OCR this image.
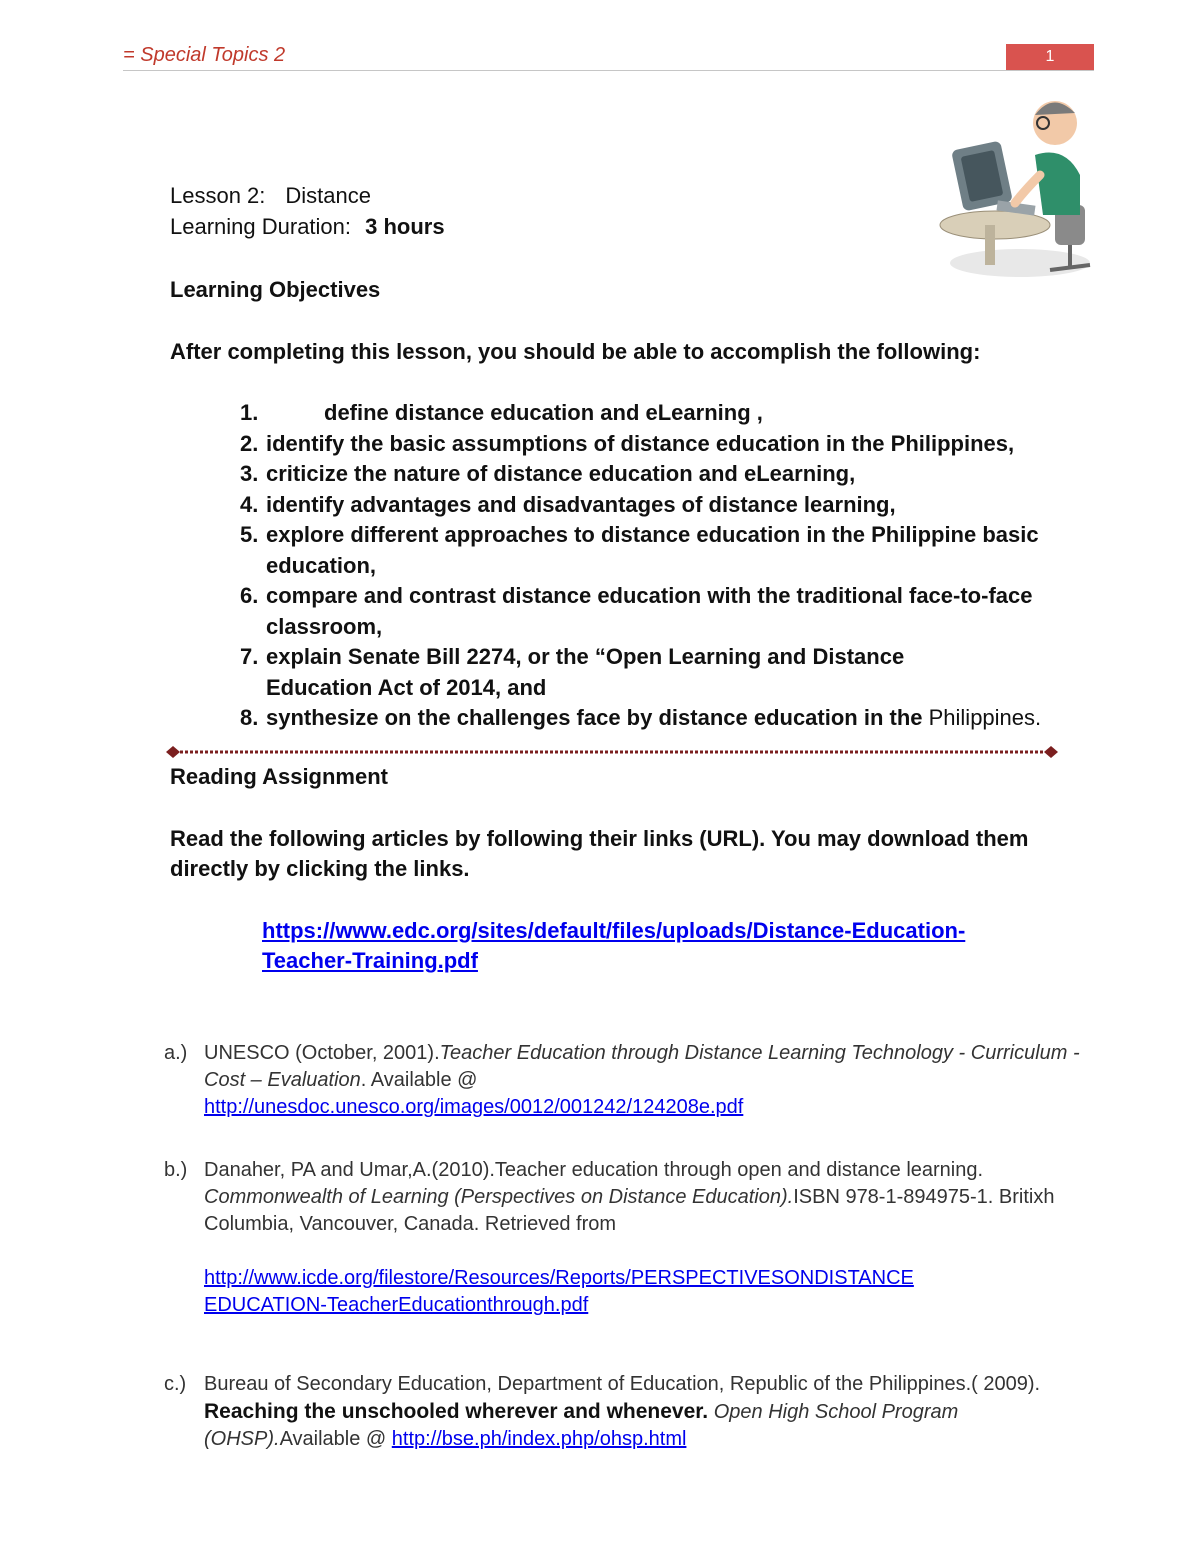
= Special Topics 2	1
Lesson 2: Distance
Learning Duration: 3 hours
Learning Objectives
After completing this lesson, you should be able to accomplish the following:
1.	define distance education and eLearning ,
2. identify the basic assumptions of distance education in the Philippines,
3. criticize the nature of distance education and eLearning,
4. identify advantages and disadvantages of distance learning,
5. explore different approaches to distance education in the Philippine basic education,
6. compare and contrast distance education with the traditional face-to-face classroom,
7. explain Senate Bill 2274, or the “Open Learning and Distance Education Act of 2014, and
8. synthesize on the challenges face by distance education in the Philippines.
Reading Assignment
Read the following articles by following their links (URL). You may download them directly by clicking the links.
https://www.edc.org/sites/default/files/uploads/Distance-Education-
Teacher-Training.pdf
a.) UNESCO (October, 2001).Teacher Education through Distance Learning Technology - Curriculum - Cost – Evaluation. Available @
http://unesdoc.unesco.org/images/0012/001242/124208e.pdf
b.) Danaher, PA and Umar,A.(2010).Teacher education through open and distance learning. Commonwealth of Learning (Perspectives on Distance Education).ISBN 978-1-894975-1. Britixh Columbia, Vancouver, Canada. Retrieved from
http://www.icde.org/filestore/Resources/Reports/PERSPECTIVESONDISTANCE
EDUCATION-TeacherEducationthrough.pdf
c.) Bureau of Secondary Education, Department of Education, Republic of the Philippines.( 2009). Reaching the unschooled wherever and whenever. Open High School Program (OHSP).Available @ http://bse.ph/index.php/ohsp.html
